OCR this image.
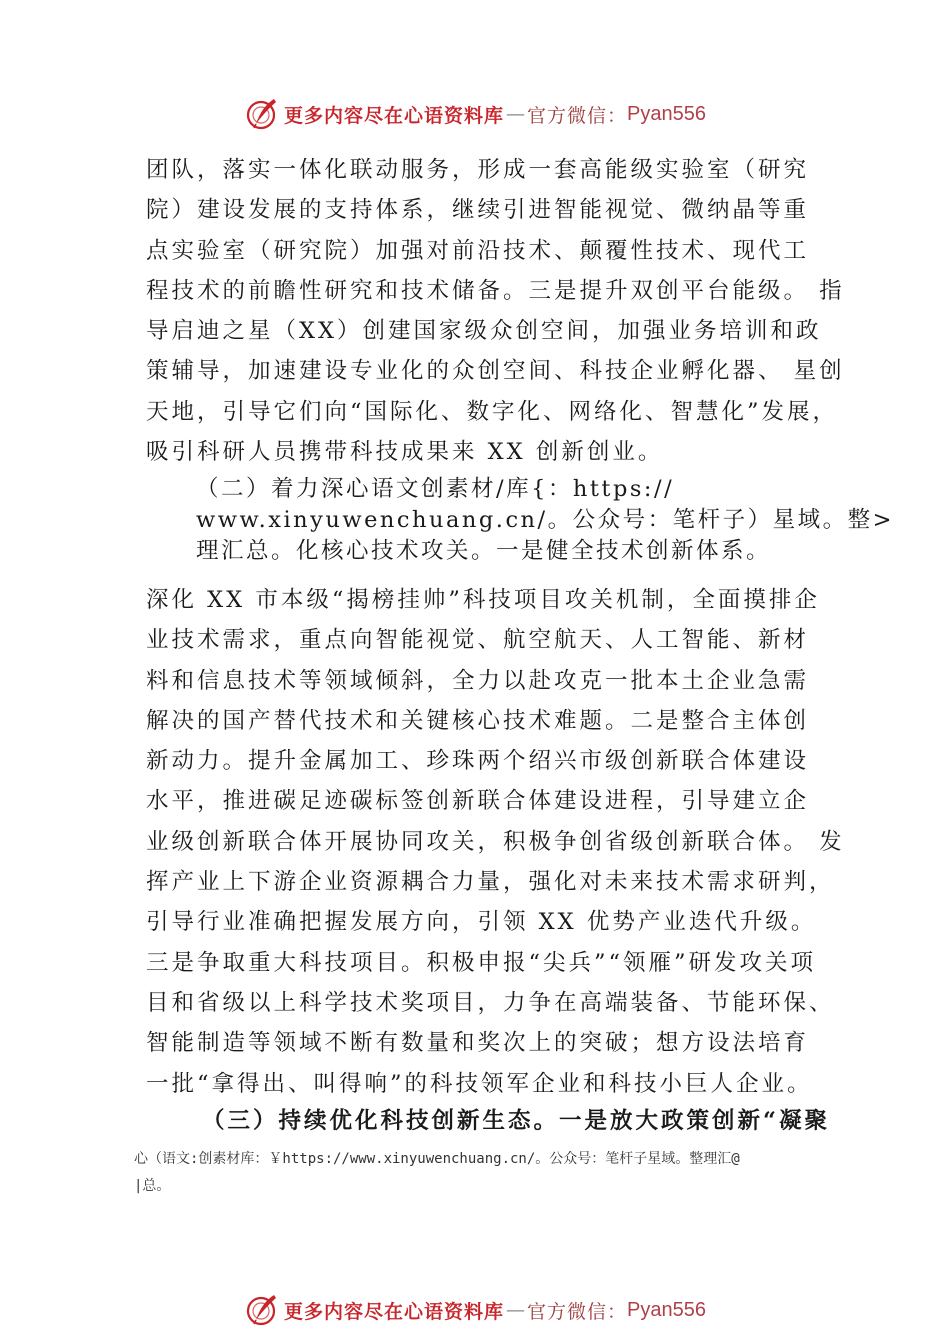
更多内容尽在心语资料库 — 官方微信： Pyan556
团队，落实一体化联动服务，形成一套高能级实验室（研究
院）建设发展的支持体系，继续引进智能视觉、微纳晶等重
点实验室（研究院）加强对前沿技术、颠覆性技术、现代工
程技术的前瞻性研究和技术储备。三是提升双创平台能级。 指
导启迪之星（XX）创建国家级众创空间，加强业务培训和政
策辅导，加速建设专业化的众创空间、科技企业孵化器、 星创
天地，引导它们向“国际化、数字化、网络化、智慧化”发展，
吸引科研人员携带科技成果来 XX 创新创业。
（二）着力深心语文创素材/库{：https://
www.xinyuwenchuang.cn/。公众号：笔杆子）星域。整>
理汇总。化核心技术攻关。一是健全技术创新体系。
深化 XX 市本级“揭榜挂帅”科技项目攻关机制，全面摸排企
业技术需求，重点向智能视觉、航空航天、人工智能、新材
料和信息技术等领域倾斜，全力以赴攻克一批本土企业急需
解决的国产替代技术和关键核心技术难题。二是整合主体创
新动力。提升金属加工、珍珠两个绍兴市级创新联合体建设
水平，推进碳足迹碳标签创新联合体建设进程，引导建立企
业级创新联合体开展协同攻关，积极争创省级创新联合体。 发
挥产业上下游企业资源耦合力量，强化对未来技术需求研判，
引导行业准确把握发展方向，引领 XX 优势产业迭代升级。
三是争取重大科技项目。积极申报“尖兵”“领雁”研发攻关项
目和省级以上科学技术奖项目，力争在高端装备、节能环保、
智能制造等领域不断有数量和奖次上的突破；想方设法培育
一批“拿得出、叫得响”的科技领军企业和科技小巨人企业。
（三）持续优化科技创新生态。一是放大政策创新“凝聚
心（语文:创素材库：￥https://www.xinyuwenchuang.cn/。公众号：笔杆子星域。整理汇@
|总。
更多内容尽在心语资料库 — 官方微信： Pyan556
